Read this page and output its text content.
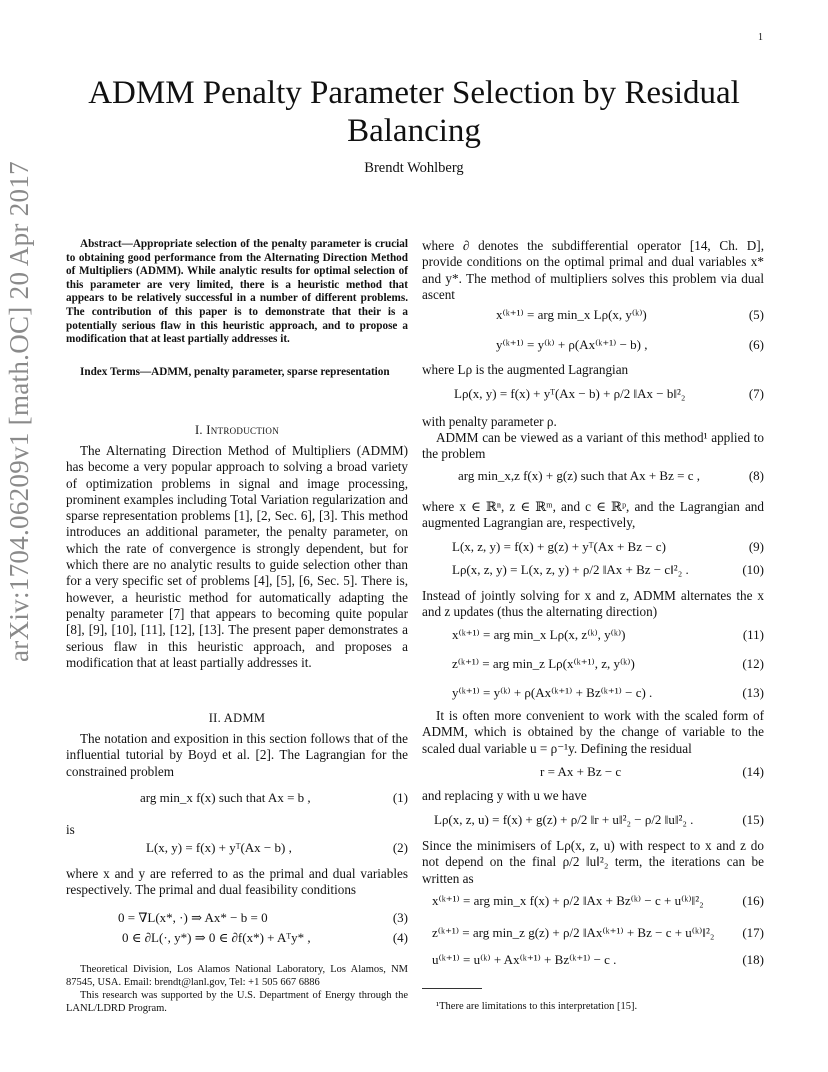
1
ADMM Penalty Parameter Selection by Residual Balancing
Brendt Wohlberg
arXiv:1704.06209v1 [math.OC] 20 Apr 2017	Abstract—Appropriate selection of the penalty parameter is crucial to obtaining good performance from the Alternating Direction Method of Multipliers (ADMM). While analytic results for optimal selection of this parameter are very limited, there is a heuristic method that appears to be relatively successful in a number of different problems. The contribution of this paper is to demonstrate that their is a potentially serious flaw in this heuristic approach, and to propose a modification that at least partially addresses it.

Index Terms—ADMM, penalty parameter, sparse representation

I. Introduction

The Alternating Direction Method of Multipliers (ADMM) has become a very popular approach to solving a broad variety of optimization problems in signal and image processing, prominent examples including Total Variation regularization and sparse representation problems [1], [2, Sec. 6], [3]. This method introduces an additional parameter, the penalty parameter, on which the rate of convergence is strongly dependent, but for which there are no analytic results to guide selection other than for a very specific set of problems [4], [5], [6, Sec. 5]. There is, however, a heuristic method for automatically adapting the penalty parameter [7] that appears to becoming quite popular [8], [9], [10], [11], [12], [13]. The present paper demonstrates a serious flaw in this heuristic approach, and proposes a modification that at least partially addresses it.

II. ADMM

The notation and exposition in this section follows that of the influential tutorial by Boyd et al. [2]. The Lagrangian for the constrained problem

arg min_x f(x) such that Ax = b ,	(1)
is
L(x, y) = f(x) + yᵀ(Ax − b) ,	(2)

where x and y are referred to as the primal and dual variables respectively. The primal and dual feasibility conditions

0 = ∇L(x*, ·) ⇒ Ax* − b = 0	(3)
0 ∈ ∂L(·, y*) ⇒ 0 ∈ ∂f(x*) + Aᵀy* ,	(4)

Theoretical Division, Los Alamos National Laboratory, Los Alamos, NM 87545, USA. Email: brendt@lanl.gov, Tel: +1 505 667 6886

This research was supported by the U.S. Department of Energy through the LANL/LDRD Program.

where ∂ denotes the subdifferential operator [14, Ch. D], provide conditions on the optimal primal and dual variables x* and y*. The method of multipliers solves this problem via dual ascent

x⁽ᵏ⁺¹⁾ = arg min_x Lρ(x, y⁽ᵏ⁾)	(5)
y⁽ᵏ⁺¹⁾ = y⁽ᵏ⁾ + ρ(Ax⁽ᵏ⁺¹⁾ − b) ,	(6)

where Lρ is the augmented Lagrangian

Lρ(x, y) = f(x) + yᵀ(Ax − b) + ρ/2 ‖Ax − b‖²₂	(7)

with penalty parameter ρ.

ADMM can be viewed as a variant of this method¹ applied to the problem

arg min_x,z f(x) + g(z) such that Ax + Bz = c ,	(8)

where x ∈ ℝⁿ, z ∈ ℝᵐ, and c ∈ ℝᵖ, and the Lagrangian and augmented Lagrangian are, respectively,

L(x, z, y) = f(x) + g(z) + yᵀ(Ax + Bz − c)	(9)
Lρ(x, z, y) = L(x, z, y) + ρ/2 ‖Ax + Bz − c‖²₂ .	(10)

Instead of jointly solving for x and z, ADMM alternates the x and z updates (thus the alternating direction)

x⁽ᵏ⁺¹⁾ = arg min_x Lρ(x, z⁽ᵏ⁾, y⁽ᵏ⁾)	(11)
z⁽ᵏ⁺¹⁾ = arg min_z Lρ(x⁽ᵏ⁺¹⁾, z, y⁽ᵏ⁾)	(12)
y⁽ᵏ⁺¹⁾ = y⁽ᵏ⁾ + ρ(Ax⁽ᵏ⁺¹⁾ + Bz⁽ᵏ⁺¹⁾ − c) .	(13)

It is often more convenient to work with the scaled form of ADMM, which is obtained by the change of variable to the scaled dual variable u = ρ⁻¹y. Defining the residual

r = Ax + Bz − c	(14)

and replacing y with u we have

Lρ(x, z, u) = f(x) + g(z) + ρ/2 ‖r + u‖²₂ − ρ/2 ‖u‖²₂ .	(15)

Since the minimisers of Lρ(x, z, u) with respect to x and z do not depend on the final ρ/2 ‖u‖²₂ term, the iterations can be written as

x⁽ᵏ⁺¹⁾ = arg min_x f(x) + ρ/2 ‖Ax + Bz⁽ᵏ⁾ − c + u⁽ᵏ⁾‖²₂	(16)
z⁽ᵏ⁺¹⁾ = arg min_z g(z) + ρ/2 ‖Ax⁽ᵏ⁺¹⁾ + Bz − c + u⁽ᵏ⁾‖²₂ (17)
u⁽ᵏ⁺¹⁾ = u⁽ᵏ⁾ + Ax⁽ᵏ⁺¹⁾ + Bz⁽ᵏ⁺¹⁾ − c .	(18)

¹There are limitations to this interpretation [15].
